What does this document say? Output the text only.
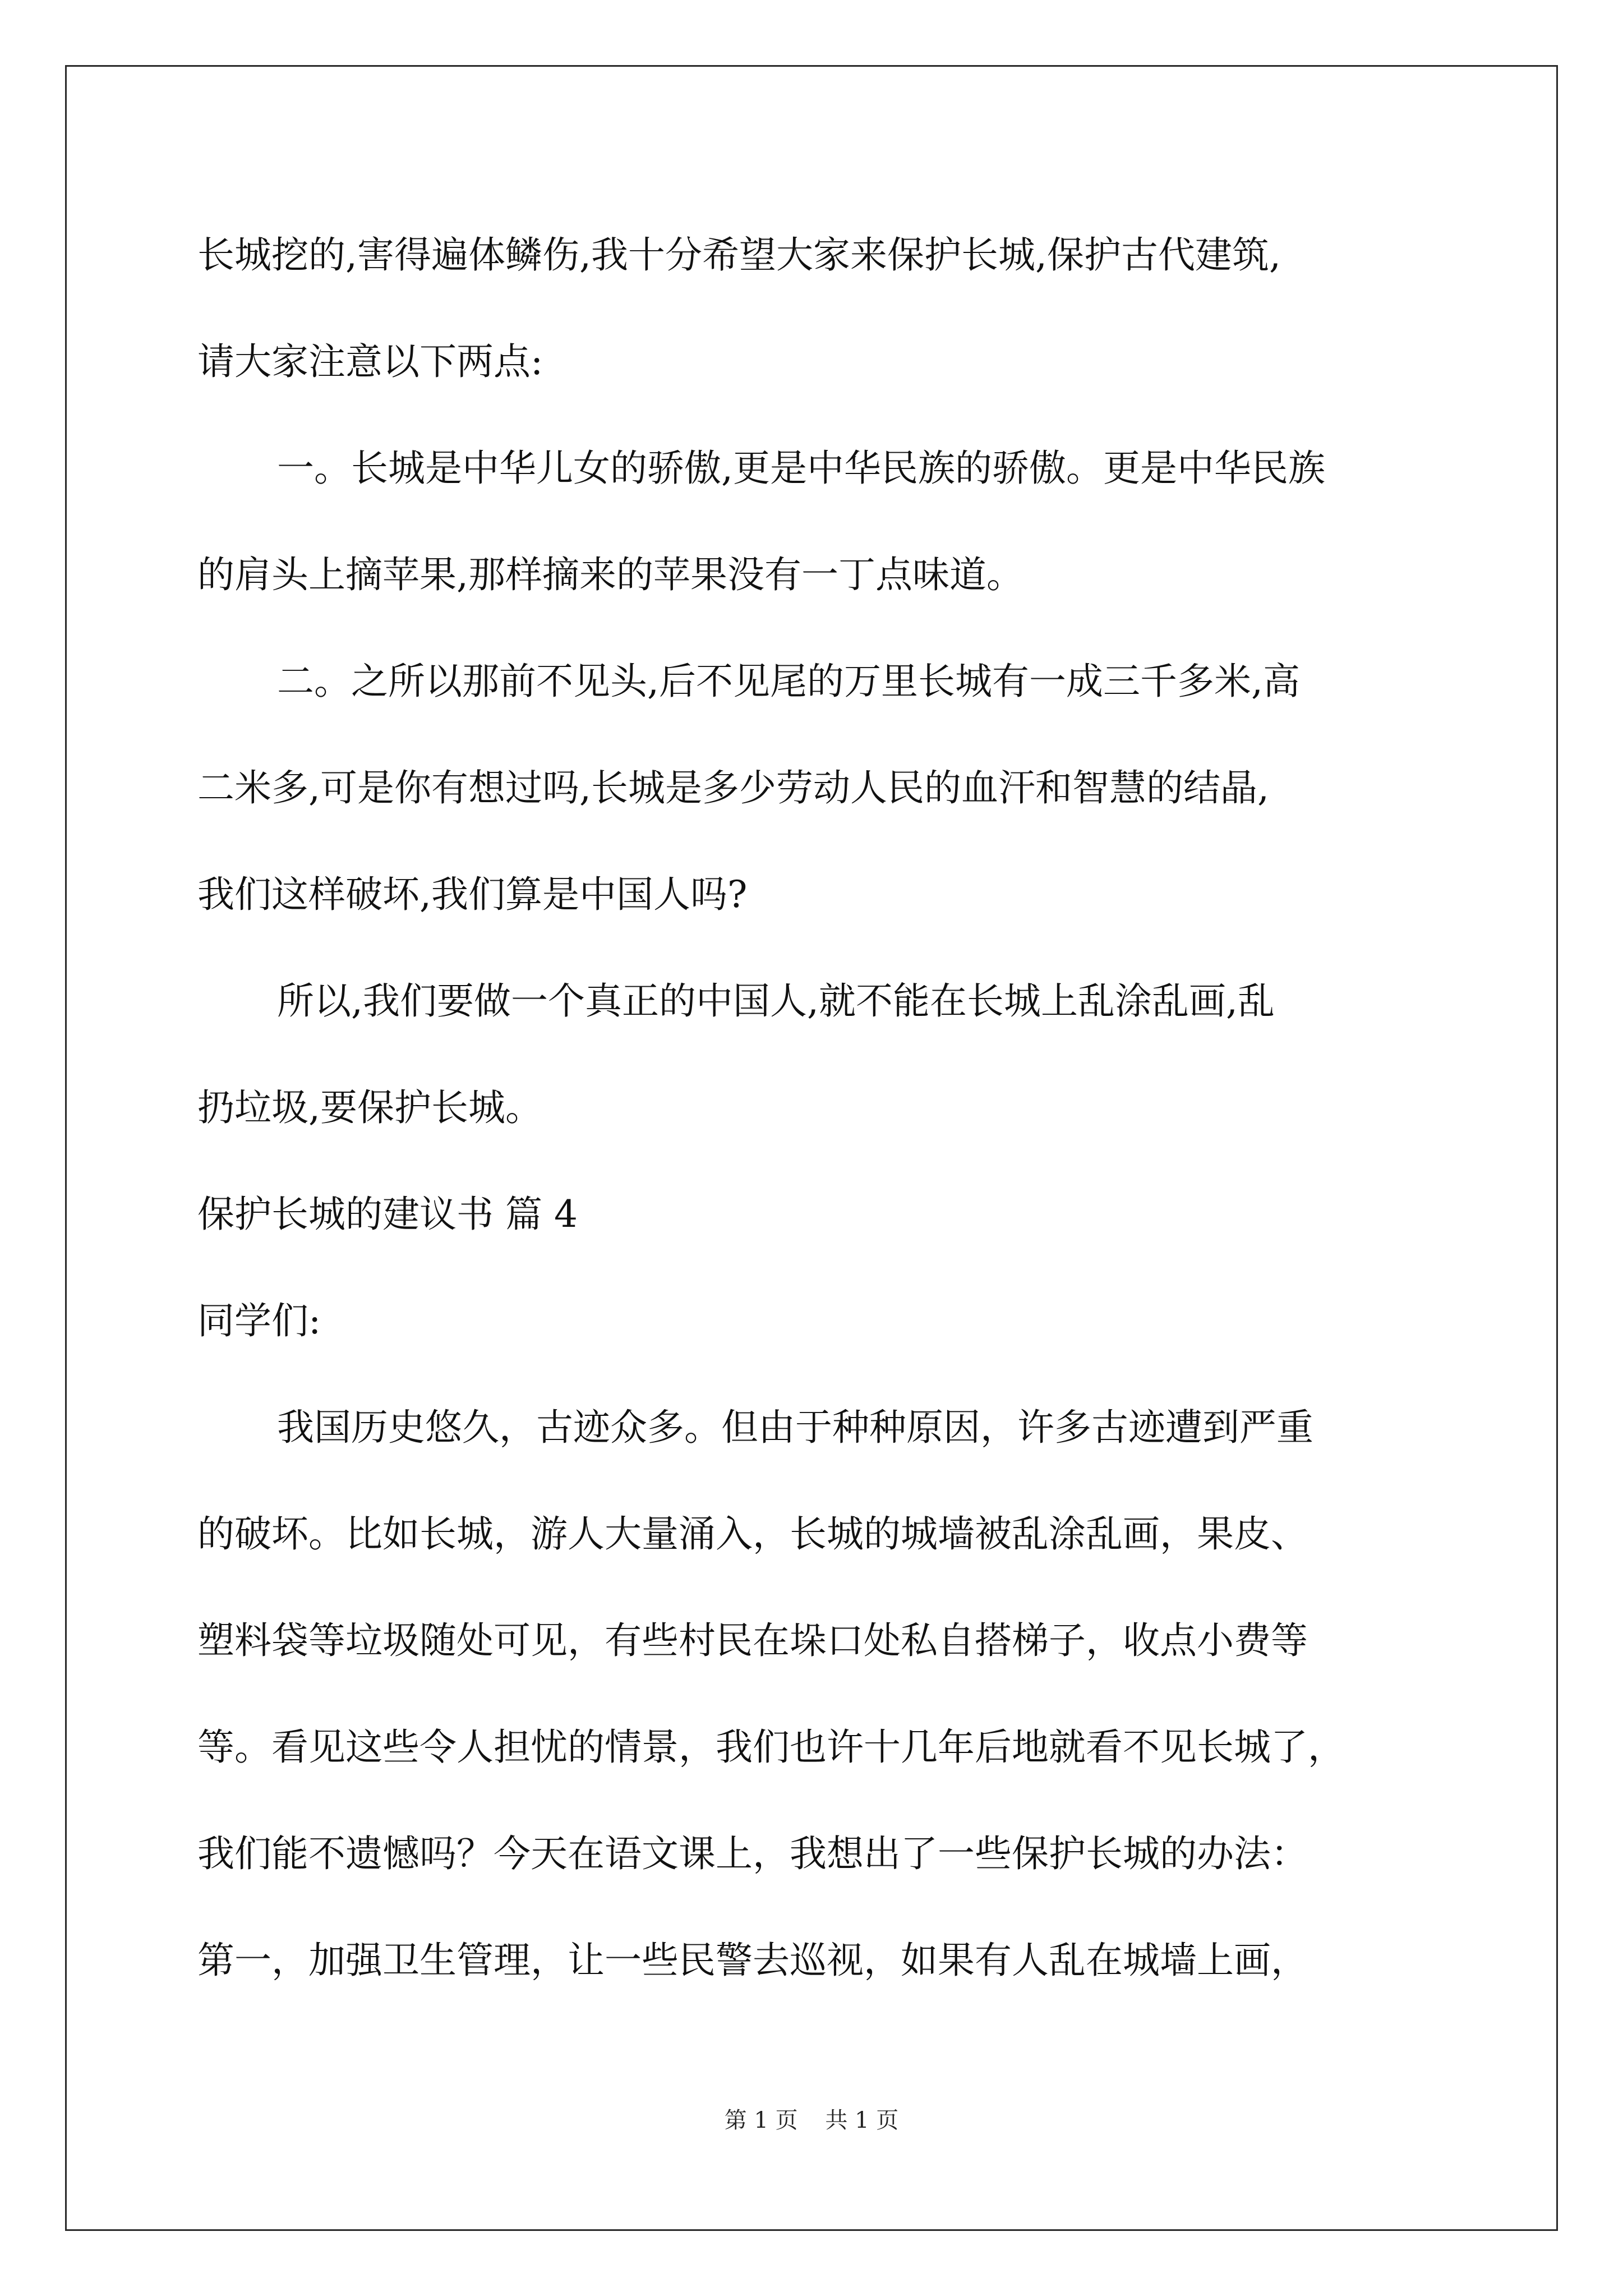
长城挖的,害得遍体鳞伤,我十分希望大家来保护长城,保护古代建筑,
请大家注意以下两点:
一。长城是中华儿女的骄傲,更是中华民族的骄傲。更是中华民族
的肩头上摘苹果,那样摘来的苹果没有一丁点味道。
二。之所以那前不见头,后不见尾的万里长城有一成三千多米,高
二米多,可是你有想过吗,长城是多少劳动人民的血汗和智慧的结晶,
我们这样破坏,我们算是中国人吗?
所以,我们要做一个真正的中国人,就不能在长城上乱涂乱画,乱
扔垃圾,要保护长城。
保护长城的建议书 篇 4
同学们:
我国历史悠久，古迹众多。但由于种种原因，许多古迹遭到严重
的破坏。比如长城，游人大量涌入，长城的城墙被乱涂乱画，果皮、
塑料袋等垃圾随处可见，有些村民在垛口处私自搭梯子，收点小费等
等。看见这些令人担忧的情景，我们也许十几年后地就看不见长城了，
我们能不遗憾吗？今天在语文课上，我想出了一些保护长城的办法：
第一，加强卫生管理，让一些民警去巡视，如果有人乱在城墙上画，
第 1 页 共 1 页
